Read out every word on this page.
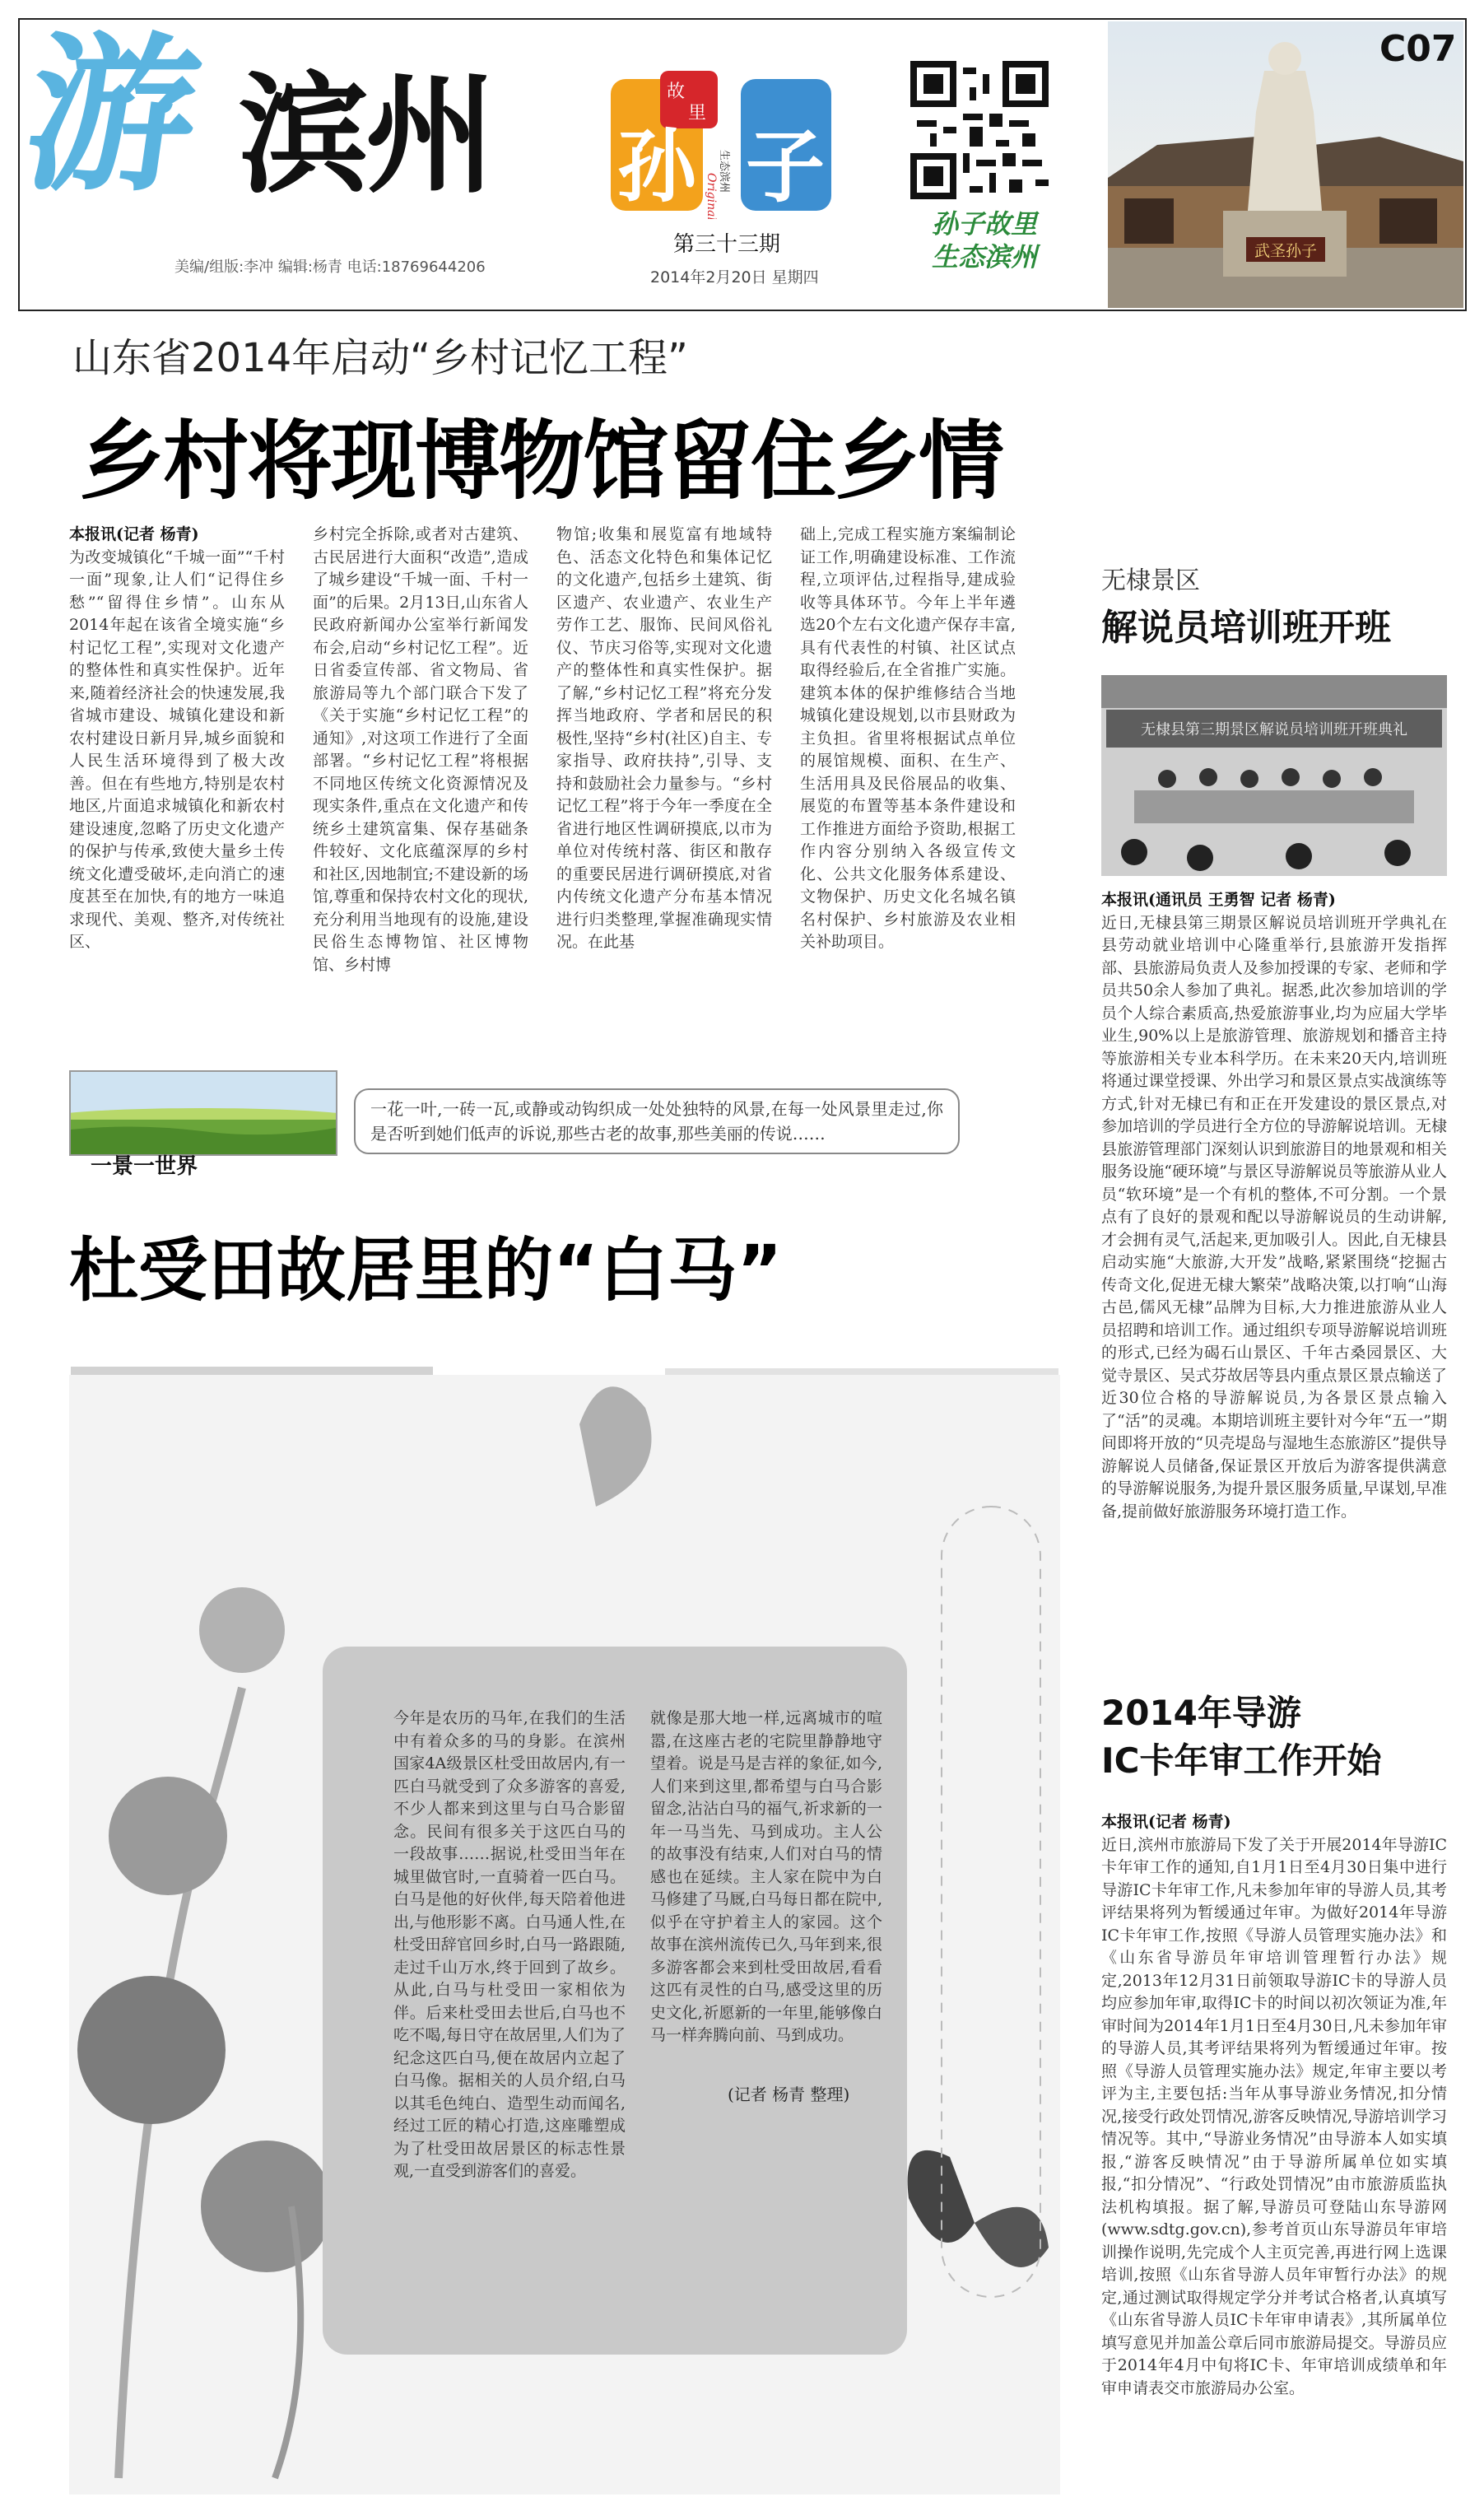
游 滨州
美编/组版:李冲 编辑:杨青 电话:18769644206
孙 子
故
里
生态滨州
Original
第三十三期
2014年2月20日 星期四
孙子故里
生态滨州	武圣孙子
C07
山东省2014年启动“乡村记忆工程”
乡村将现博物馆留住乡情

本报讯(记者 杨青)

为改变城镇化“千城一面”“千村一面”现象,让人们“记得住乡愁”“留得住乡情”。山东从2014年起在该省全境实施“乡村记忆工程”,实现对文化遗产的整体性和真实性保护。近年来,随着经济社会的快速发展,我省城市建设、城镇化建设和新农村建设日新月异,城乡面貌和人民生活环境得到了极大改善。但在有些地方,特别是农村地区,片面追求城镇化和新农村建设速度,忽略了历史文化遗产的保护与传承,致使大量乡土传统文化遭受破坏,走向消亡的速度甚至在加快,有的地方一味追求现代、美观、整齐,对传统社区、

乡村完全拆除,或者对古建筑、古民居进行大面积“改造”,造成了城乡建设“千城一面、千村一面”的后果。2月13日,山东省人民政府新闻办公室举行新闻发布会,启动“乡村记忆工程”。近日省委宣传部、省文物局、省旅游局等九个部门联合下发了《关于实施“乡村记忆工程”的通知》,对这项工作进行了全面部署。“乡村记忆工程”将根据不同地区传统文化资源情况及现实条件,重点在文化遗产和传统乡土建筑富集、保存基础条件较好、文化底蕴深厚的乡村和社区,因地制宜;不建设新的场馆,尊重和保持农村文化的现状,充分利用当地现有的设施,建设民俗生态博物馆、社区博物馆、乡村博

物馆;收集和展览富有地域特色、活态文化特色和集体记忆的文化遗产,包括乡土建筑、街区遗产、农业遗产、农业生产劳作工艺、服饰、民间风俗礼仪、节庆习俗等,实现对文化遗产的整体性和真实性保护。据了解,“乡村记忆工程”将充分发挥当地政府、学者和居民的积极性,坚持“乡村(社区)自主、专家指导、政府扶持”,引导、支持和鼓励社会力量参与。“乡村记忆工程”将于今年一季度在全省进行地区性调研摸底,以市为单位对传统村落、街区和散存的重要民居进行调研摸底,对省内传统文化遗产分布基本情况进行归类整理,掌握准确现实情况。在此基

础上,完成工程实施方案编制论证工作,明确建设标准、工作流程,立项评估,过程指导,建成验收等具体环节。今年上半年遴选20个左右文化遗产保存丰富,具有代表性的村镇、社区试点取得经验后,在全省推广实施。建筑本体的保护维修结合当地城镇化建设规划,以市县财政为主负担。省里将根据试点单位的展馆规模、面积、在生产、生活用具及民俗展品的收集、展览的布置等基本条件建设和工作推进方面给予资助,根据工作内容分别纳入各级宣传文化、公共文化服务体系建设、文物保护、历史文化名城名镇名村保护、乡村旅游及农业相关补助项目。

无棣景区
解说员培训班开班
无棣县第三期景区解说员培训班开班典礼

本报讯(通讯员 王勇智 记者 杨青)

近日,无棣县第三期景区解说员培训班开学典礼在县劳动就业培训中心隆重举行,县旅游开发指挥部、县旅游局负责人及参加授课的专家、老师和学员共50余人参加了典礼。据悉,此次参加培训的学员个人综合素质高,热爱旅游事业,均为应届大学毕业生,90%以上是旅游管理、旅游规划和播音主持等旅游相关专业本科学历。在未来20天内,培训班将通过课堂授课、外出学习和景区景点实战演练等方式,针对无棣已有和正在开发建设的景区景点,对参加培训的学员进行全方位的导游解说培训。无棣县旅游管理部门深刻认识到旅游目的地景观和相关服务设施“硬环境”与景区导游解说员等旅游从业人员“软环境”是一个有机的整体,不可分割。一个景点有了良好的景观和配以导游解说员的生动讲解,才会拥有灵气,活起来,更加吸引人。因此,自无棣县启动实施“大旅游,大开发”战略,紧紧围绕“挖掘古传奇文化,促进无棣大繁荣”战略决策,以打响“山海古邑,儒风无棣”品牌为目标,大力推进旅游从业人员招聘和培训工作。通过组织专项导游解说培训班的形式,已经为碣石山景区、千年古桑园景区、大觉寺景区、吴式芬故居等县内重点景区景点输送了近30位合格的导游解说员,为各景区景点输入了“活”的灵魂。本期培训班主要针对今年“五一”期间即将开放的“贝壳堤岛与湿地生态旅游区”提供导游解说人员储备,保证景区开放后为游客提供满意的导游解说服务,为提升景区服务质量,早谋划,早准备,提前做好旅游服务环境打造工作。

2014年导游
IC卡年审工作开始

本报讯(记者 杨青)

近日,滨州市旅游局下发了关于开展2014年导游IC卡年审工作的通知,自1月1日至4月30日集中进行导游IC卡年审工作,凡未参加年审的导游人员,其考评结果将列为暂缓通过年审。为做好2014年导游IC卡年审工作,按照《导游人员管理实施办法》和《山东省导游员年审培训管理暂行办法》规定,2013年12月31日前领取导游IC卡的导游人员均应参加年审,取得IC卡的时间以初次领证为准,年审时间为2014年1月1日至4月30日,凡未参加年审的导游人员,其考评结果将列为暂缓通过年审。按照《导游人员管理实施办法》规定,年审主要以考评为主,主要包括:当年从事导游业务情况,扣分情况,接受行政处罚情况,游客反映情况,导游培训学习情况等。其中,“导游业务情况”由导游本人如实填报,“游客反映情况”由于导游所属单位如实填报,“扣分情况”、“行政处罚情况”由市旅游质监执法机构填报。据了解,导游员可登陆山东导游网(www.sdtg.gov.cn),参考首页山东导游员年审培训操作说明,先完成个人主页完善,再进行网上选课培训,按照《山东省导游人员年审暂行办法》的规定,通过测试取得规定学分并考试合格者,认真填写《山东省导游人员IC卡年审申请表》,其所属单位填写意见并加盖公章后同市旅游局提交。导游员应于2014年4月中旬将IC卡、年审培训成绩单和年审申请表交市旅游局办公室。

一景一世界
一花一叶,一砖一瓦,或静或动钩织成一处处独特的风景,在每一处风景里走过,你是否听到她们低声的诉说,那些古老的故事,那些美丽的传说……
杜受田故居里的“白马”

今年是农历的马年,在我们的生活中有着众多的马的身影。在滨州国家4A级景区杜受田故居内,有一匹白马就受到了众多游客的喜爱,不少人都来到这里与白马合影留念。民间有很多关于这匹白马的一段故事……据说,杜受田当年在城里做官时,一直骑着一匹白马。白马是他的好伙伴,每天陪着他进出,与他形影不离。白马通人性,在杜受田辞官回乡时,白马一路跟随,走过千山万水,终于回到了故乡。从此,白马与杜受田一家相依为伴。后来杜受田去世后,白马也不吃不喝,每日守在故居里,人们为了纪念这匹白马,便在故居内立起了白马像。据相关的人员介绍,白马以其毛色纯白、造型生动而闻名,经过工匠的精心打造,这座雕塑成为了杜受田故居景区的标志性景观,一直受到游客们的喜爱。

就像是那大地一样,远离城市的喧嚣,在这座古老的宅院里静静地守望着。说是马是吉祥的象征,如今,人们来到这里,都希望与白马合影留念,沾沾白马的福气,祈求新的一年一马当先、马到成功。主人公的故事没有结束,人们对白马的情感也在延续。主人家在院中为白马修建了马厩,白马每日都在院中,似乎在守护着主人的家园。这个故事在滨州流传已久,马年到来,很多游客都会来到杜受田故居,看看这匹有灵性的白马,感受这里的历史文化,祈愿新的一年里,能够像白马一样奔腾向前、马到成功。

(记者 杨青 整理)
